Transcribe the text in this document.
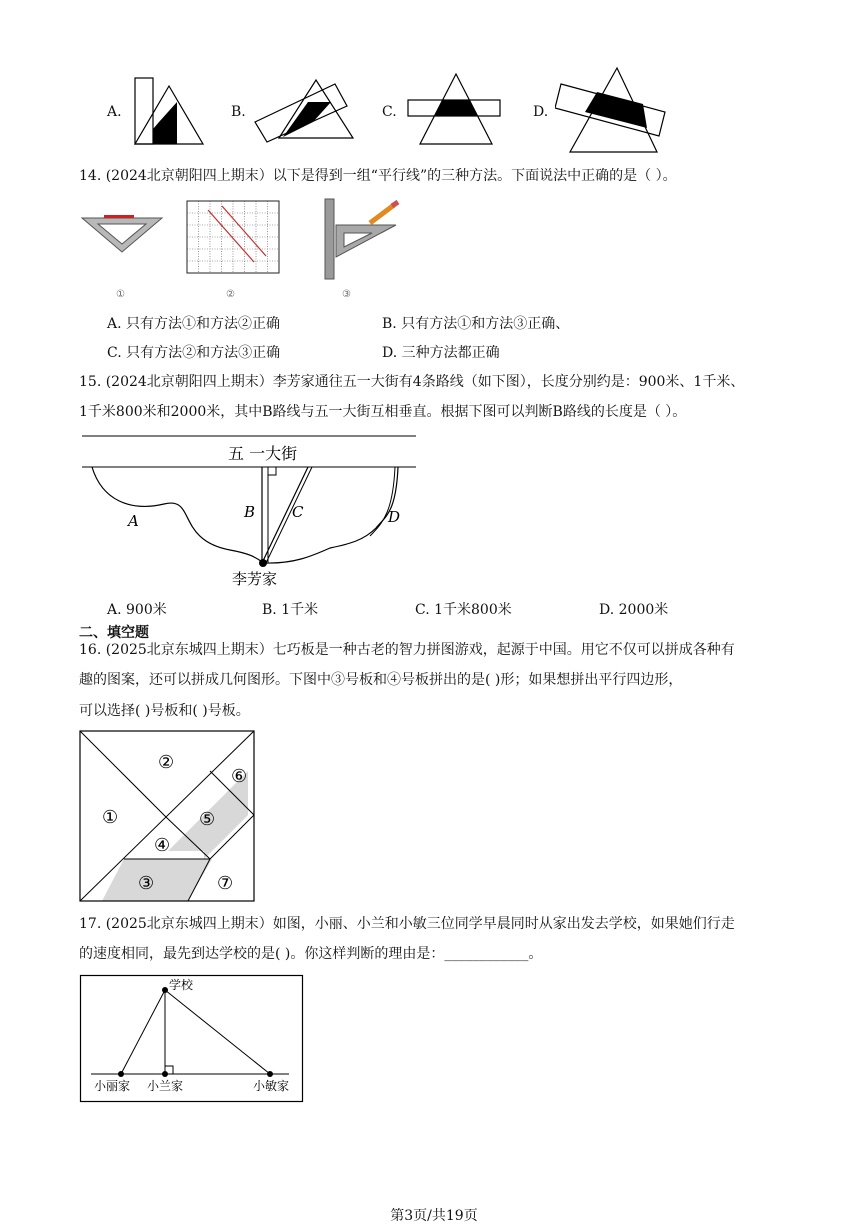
A.	B.	C.	D.
14. (2024北京朝阳四上期末）以下是得到一组“平行线”的三种方法。下面说法中正确的是（ ）。
①	②	③
A. 只有方法①和方法②正确	B. 只有方法①和方法③正确、
C. 只有方法②和方法③正确	D. 三种方法都正确
15. (2024北京朝阳四上期末）李芳家通往五一大街有4条路线（如下图），长度分别约是：900米、1千米、
1千米800米和2000米，其中B路线与五一大街互相垂直。根据下图可以判断B路线的长度是（ ）。
五 一大街
B C
A	D
李芳家
A. 900米	B. 1千米	C. 1千米800米	D. 2000米
二、填空题
16. (2025北京东城四上期末）七巧板是一种古老的智力拼图游戏，起源于中国。用它不仅可以拼成各种有
趣的图案，还可以拼成几何图形。下图中③号板和④号板拼出的是( )形；如果想拼出平行四边形，
可以选择( )号板和( )号板。
①
②
③
④
⑤
⑥
⑦
17. (2025北京东城四上期末）如图，小丽、小兰和小敏三位同学早晨同时从家出发去学校，如果她们行走
的速度相同，最先到达学校的是( )。你这样判断的理由是：____________。
学校
小丽家 小兰家	小敏家
第3页/共19页
